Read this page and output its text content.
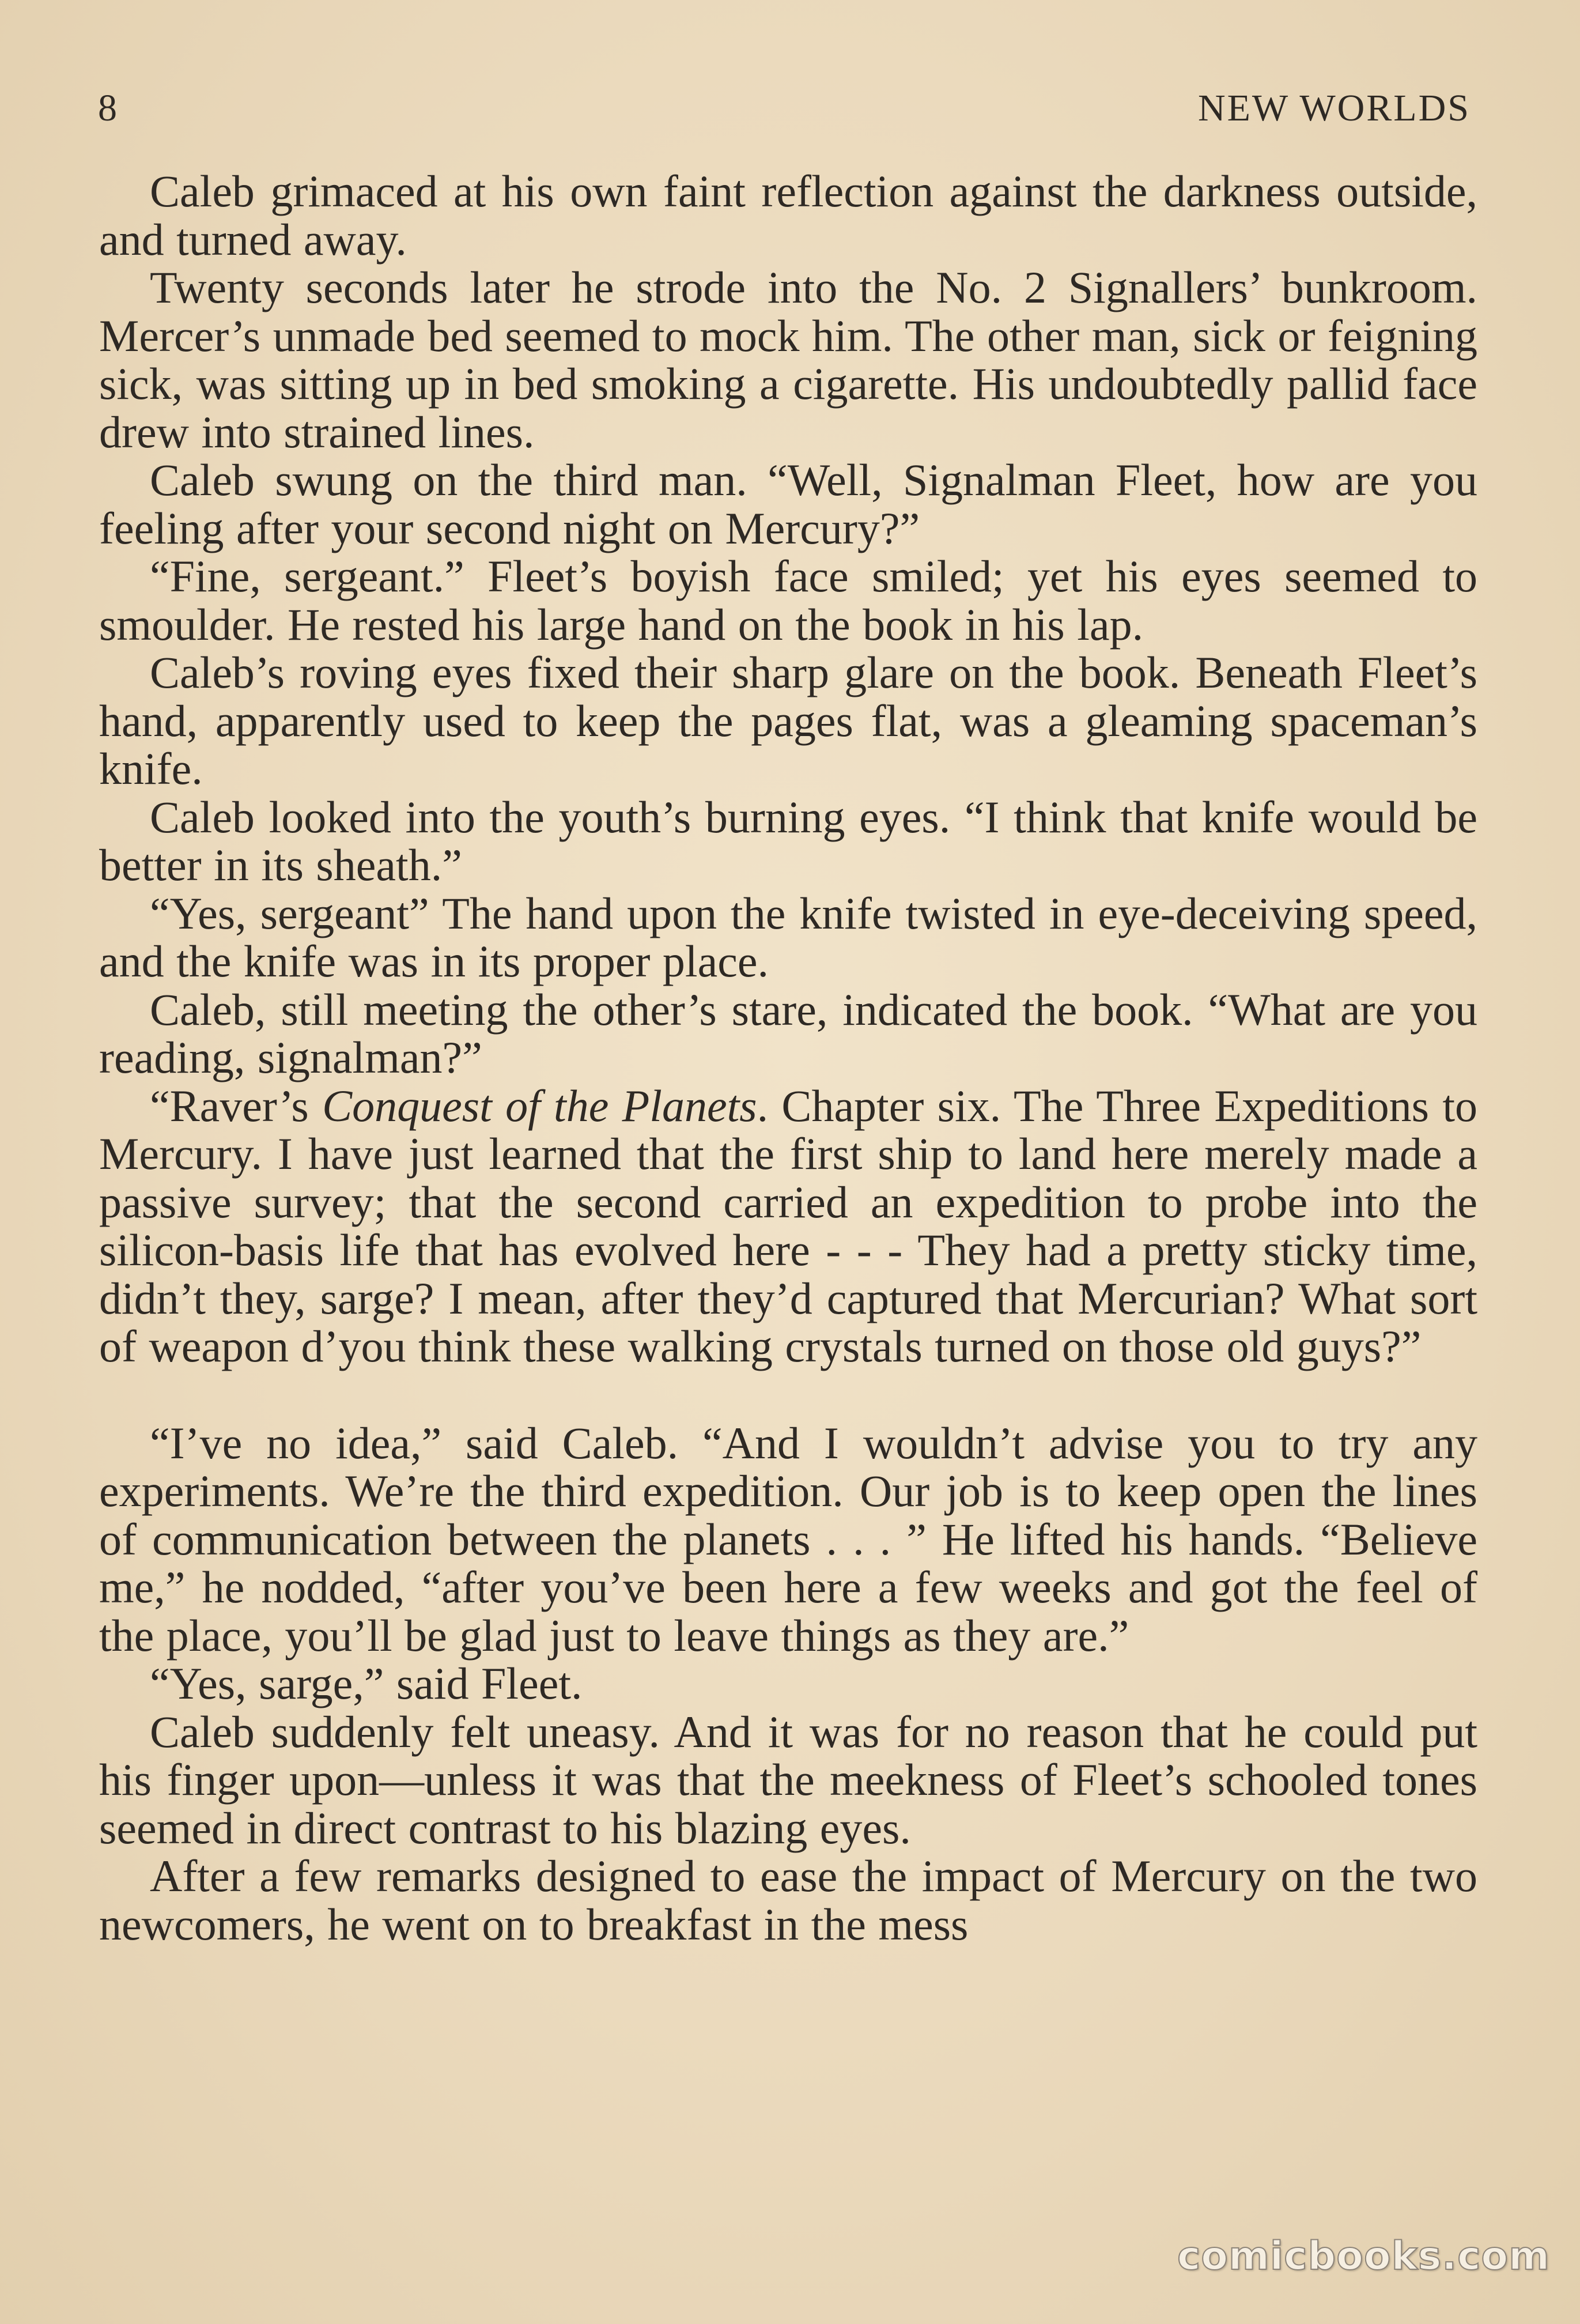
8	NEW WORLDS

Caleb grimaced at his own faint reflection against the darkness outside, and turned away.

Twenty seconds later he strode into the No. 2 Signallers’ bunkroom. Mercer’s unmade bed seemed to mock him. The other man, sick or feigning sick, was sitting up in bed smoking a cigarette. His undoubtedly pallid face drew into strained lines.

Caleb swung on the third man. “Well, Signalman Fleet, how are you feeling after your second night on Mercury?”

“Fine, sergeant.” Fleet’s boyish face smiled; yet his eyes seemed to smoulder. He rested his large hand on the book in his lap.

Caleb’s roving eyes fixed their sharp glare on the book. Beneath Fleet’s hand, apparently used to keep the pages flat, was a gleaming spaceman’s knife.

Caleb looked into the youth’s burning eyes. “I think that knife would be better in its sheath.”

“Yes, sergeant” The hand upon the knife twisted in eye-deceiving speed, and the knife was in its proper place.

Caleb, still meeting the other’s stare, indicated the book. “What are you reading, signalman?”

“Raver’s Conquest of the Planets. Chapter six. The Three Expeditions to Mercury. I have just learned that the first ship to land here merely made a passive survey; that the second carried an expedition to probe into the silicon-basis life that has evolved here - - - They had a pretty sticky time, didn’t they, sarge? I mean, after they’d captured that Mercurian? What sort of weapon d’you think these walking crystals turned on those old guys?”

“I’ve no idea,” said Caleb. “And I wouldn’t advise you to try any experiments. We’re the third expedition. Our job is to keep open the lines of communication between the planets . . . ” He lifted his hands. “Believe me,” he nodded, “after you’ve been here a few weeks and got the feel of the place, you’ll be glad just to leave things as they are.”

“Yes, sarge,” said Fleet.

Caleb suddenly felt uneasy. And it was for no reason that he could put his finger upon—unless it was that the meekness of Fleet’s schooled tones seemed in direct contrast to his blazing eyes.

After a few remarks designed to ease the impact of Mercury on the two newcomers, he went on to breakfast in the mess

comicbooks.com
